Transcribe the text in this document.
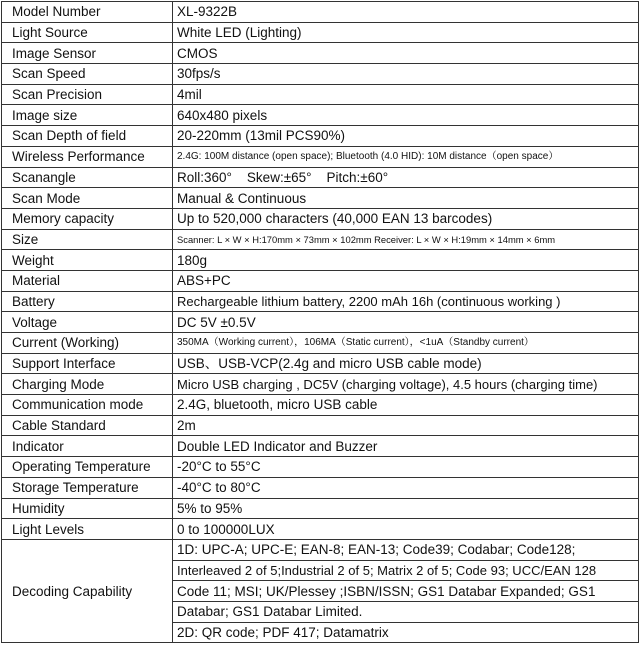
Model Number	XL-9322B
Light Source	White LED (Lighting)
Image Sensor	CMOS
Scan Speed	30fps/s
Scan Precision	4mil
Image size	640x480 pixels
Scan Depth of field	20-220mm (13mil PCS90%)
Wireless Performance	2.4G: 100M distance (open space); Bluetooth (4.0 HID): 10M distance（open space）
Scanangle	Roll:360°    Skew:±65°    Pitch:±60°
Scan Mode	Manual & Continuous
Memory capacity	Up to 520,000 characters (40,000 EAN 13 barcodes)
Size	Scanner: L × W × H:170mm × 73mm × 102mm Receiver: L × W × H:19mm × 14mm × 6mm
Weight	180g
Material	ABS+PC
Battery	Rechargeable lithium battery, 2200 mAh 16h (continuous working )
Voltage	DC 5V ±0.5V
Current (Working)	350MA（Working current），106MA（Static current），<1uA（Standby current）
Support Interface	USB、USB-VCP(2.4g and micro USB cable mode)
Charging Mode	Micro USB charging , DC5V (charging voltage), 4.5 hours (charging time)
Communication mode	2.4G, bluetooth, micro USB cable
Cable Standard	2m
Indicator	Double LED Indicator and Buzzer
Operating Temperature	-20°C to 55°C
Storage Temperature	-40°C to 80°C
Humidity	5% to 95%
Light Levels	0 to 100000LUX
Decoding Capability	1D: UPC-A; UPC-E; EAN-8; EAN-13; Code39; Codabar; Code128;
	Interleaved 2 of 5;Industrial 2 of 5; Matrix 2 of 5; Code 93; UCC/EAN 128
	Code 11; MSI; UK/Plessey ;ISBN/ISSN; GS1 Databar Expanded; GS1
	Databar; GS1 Databar Limited.
	2D: QR code; PDF 417; Datamatrix
